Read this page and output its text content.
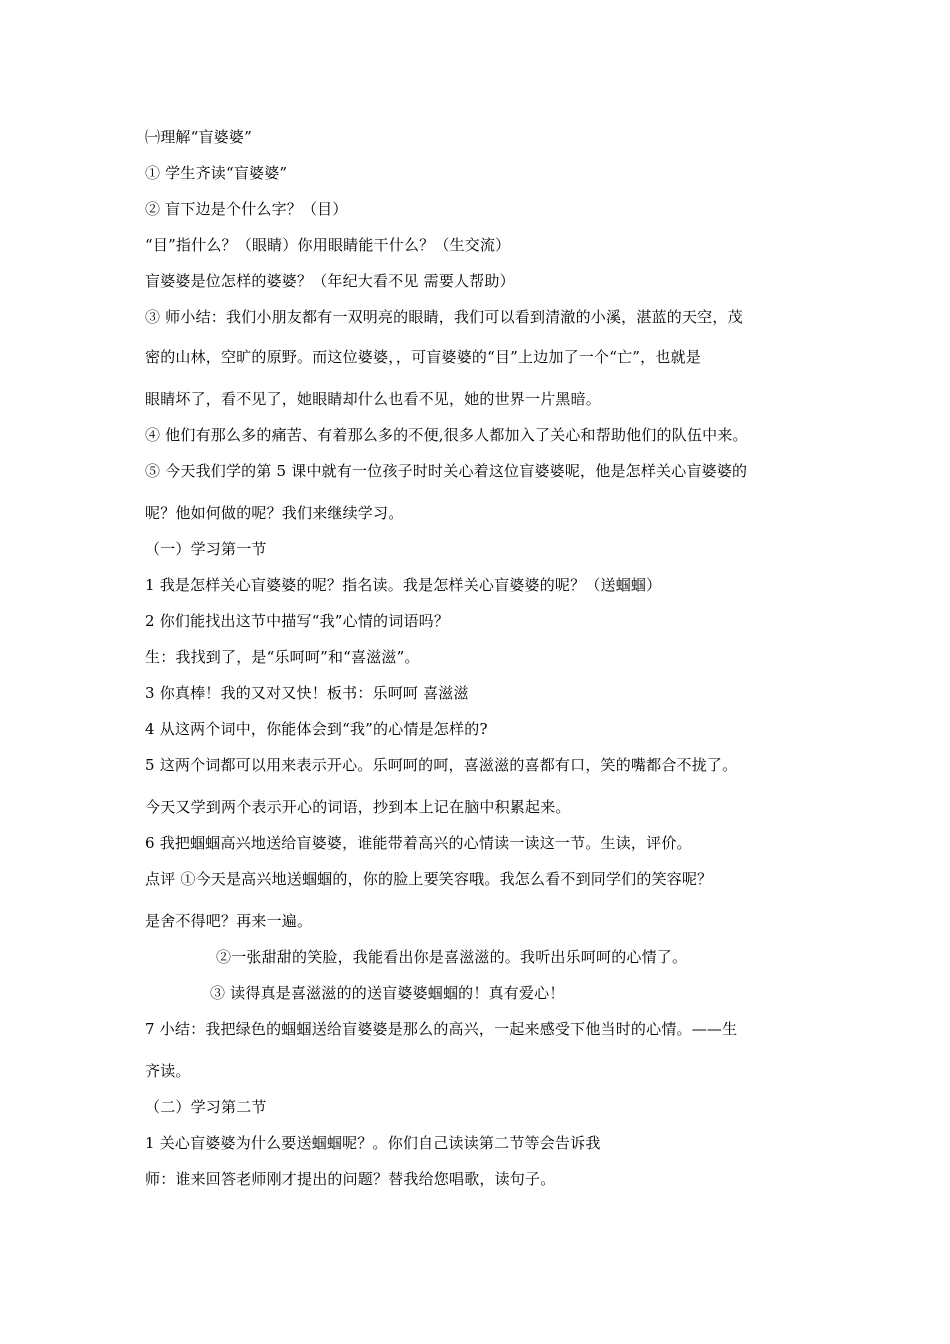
㈠理解“盲婆婆”
① 学生齐读“盲婆婆”
② 盲下边是个什么字？（目）
“目”指什么？（眼睛）你用眼睛能干什么？（生交流）
盲婆婆是位怎样的婆婆？（年纪大看不见 需要人帮助）
③ 师小结：我们小朋友都有一双明亮的眼睛，我们可以看到清澈的小溪，湛蓝的天空，茂
密的山林，空旷的原野。而这位婆婆，，可盲婆婆的“目”上边加了一个“亡”，也就是
眼睛坏了，看不见了，她眼睛却什么也看不见，她的世界一片黑暗。
④ 他们有那么多的痛苦、有着那么多的不便,很多人都加入了关心和帮助他们的队伍中来。
⑤ 今天我们学的第 5 课中就有一位孩子时时关心着这位盲婆婆呢，他是怎样关心盲婆婆的
呢？他如何做的呢？我们来继续学习。
（一）学习第一节
1 我是怎样关心盲婆婆的呢？指名读。我是怎样关心盲婆婆的呢？（送蝈蝈）
2 你们能找出这节中描写“我”心情的词语吗？
生：我找到了，是“乐呵呵”和“喜滋滋”。
3 你真棒！我的又对又快！板书：乐呵呵 喜滋滋
4 从这两个词中，你能体会到“我”的心情是怎样的?
5 这两个词都可以用来表示开心。乐呵呵的呵，喜滋滋的喜都有口，笑的嘴都合不拢了。
今天又学到两个表示开心的词语，抄到本上记在脑中积累起来。
6 我把蝈蝈高兴地送给盲婆婆，谁能带着高兴的心情读一读这一节。生读，评价。
点评 ①今天是高兴地送蝈蝈的，你的脸上要笑容哦。我怎么看不到同学们的笑容呢？
是舍不得吧？再来一遍。
②一张甜甜的笑脸，我能看出你是喜滋滋的。我听出乐呵呵的心情了。
③ 读得真是喜滋滋的的送盲婆婆蝈蝈的！真有爱心！
7 小结：我把绿色的蝈蝈送给盲婆婆是那么的高兴，一起来感受下他当时的心情。——生
齐读。
（二）学习第二节
1 关心盲婆婆为什么要送蝈蝈呢？。你们自己读读第二节等会告诉我
师：谁来回答老师刚才提出的问题？替我给您唱歌，读句子。
